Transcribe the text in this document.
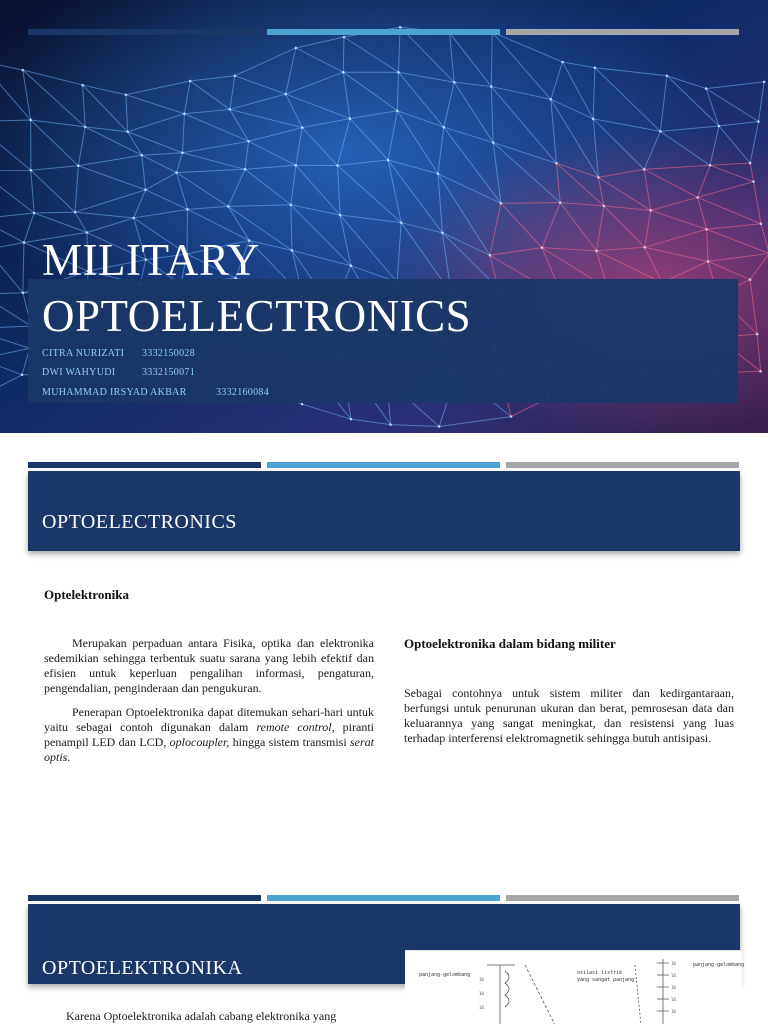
MILITARY
OPTOELECTRONICS
CITRA NURIZATI 3332150028
DWI WAHYUDI	3332150071
MUHAMMAD IRSYAD AKBAR	3332160084
OPTOELECTRONICS
Optelektronika

Merupakan perpaduan antara Fisika, optika dan elektronika sedemikian sehingga terbentuk suatu sarana yang lebih efektif dan efisien untuk keperluan pengalihan informasi, pengaturan, pengendalian, penginderaan dan pengukuran.

Penerapan Optoelektronika dapat ditemukan sehari-hari untuk yaitu sebagai contoh digunakan dalam remote control, piranti penampil LED dan LCD, oplocoupler, hingga sistem transmisi serat optis.

Optoelektronika dalam bidang militer

Sebagai contohnya untuk sistem militer dan kedirgantaraan, berfungsi untuk penurunan ukuran dan berat, pemrosesan data dan keluarannya yang sangat meningkat, dan resistensi yang luas terhadap interferensi elektromagnetik sehingga butuh antisipasi.

OPTOELEKTRONIKA

Karena Optoelektronika adalah cabang elektronika yang

panjang-gelombang	osilasi listrik
yang sangat panjang
panjang-gelombang
10
10
10
10
10
10
10
10
